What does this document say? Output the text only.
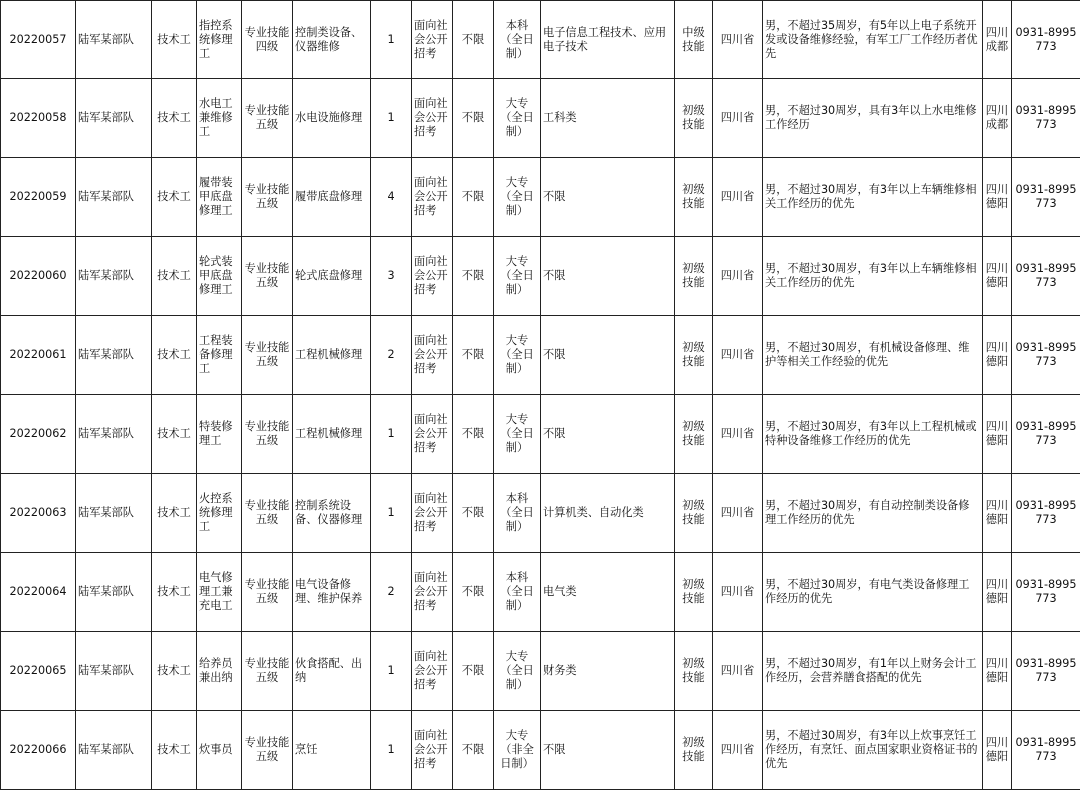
20220057	陆军某部队	技术工	指控系统修理工	专业技能四级	控制类设备、仪器维修	1	面向社会公开招考	不限	本科（全日制）	电子信息工程技术、应用电子技术	中级技能	四川省	男，不超过35周岁，有5年以上电子系统开发或设备维修经验，有军工厂工作经历者优先	四川成都	0931-8995773
20220058	陆军某部队	技术工	水电工兼维修工	专业技能五级	水电设施修理	1	面向社会公开招考	不限	大专（全日制）	工科类	初级技能	四川省	男，不超过30周岁，具有3年以上水电维修工作经历	四川成都	0931-8995773
20220059	陆军某部队	技术工	履带装甲底盘修理工	专业技能五级	履带底盘修理	4	面向社会公开招考	不限	大专（全日制）	不限	初级技能	四川省	男，不超过30周岁，有3年以上车辆维修相关工作经历的优先	四川德阳	0931-8995773
20220060	陆军某部队	技术工	轮式装甲底盘修理工	专业技能五级	轮式底盘修理	3	面向社会公开招考	不限	大专（全日制）	不限	初级技能	四川省	男，不超过30周岁，有3年以上车辆维修相关工作经历的优先	四川德阳	0931-8995773
20220061	陆军某部队	技术工	工程装备修理工	专业技能五级	工程机械修理	2	面向社会公开招考	不限	大专（全日制）	不限	初级技能	四川省	男，不超过30周岁，有机械设备修理、维护等相关工作经验的优先	四川德阳	0931-8995773
20220062	陆军某部队	技术工	特装修理工	专业技能五级	工程机械修理	1	面向社会公开招考	不限	大专（全日制）	不限	初级技能	四川省	男，不超过30周岁，有3年以上工程机械或特种设备维修工作经历的优先	四川德阳	0931-8995773
20220063	陆军某部队	技术工	火控系统修理工	专业技能五级	控制系统设备、仪器修理	1	面向社会公开招考	不限	本科（全日制）	计算机类、自动化类	初级技能	四川省	男，不超过30周岁，有自动控制类设备修理工作经历的优先	四川德阳	0931-8995773
20220064	陆军某部队	技术工	电气修理工兼充电工	专业技能五级	电气设备修理、维护保养	2	面向社会公开招考	不限	本科（全日制）	电气类	初级技能	四川省	男，不超过30周岁，有电气类设备修理工作经历的优先	四川德阳	0931-8995773
20220065	陆军某部队	技术工	给养员兼出纳	专业技能五级	伙食搭配、出纳	1	面向社会公开招考	不限	大专（全日制）	财务类	初级技能	四川省	男，不超过30周岁，有1年以上财务会计工作经历，会营养膳食搭配的优先	四川德阳	0931-8995773
20220066	陆军某部队	技术工	炊事员	专业技能五级	烹饪	1	面向社会公开招考	不限	大专（非全日制）	不限	初级技能	四川省	男，不超过30周岁，有3年以上炊事烹饪工作经历，有烹饪、面点国家职业资格证书的优先	四川德阳	0931-8995773
